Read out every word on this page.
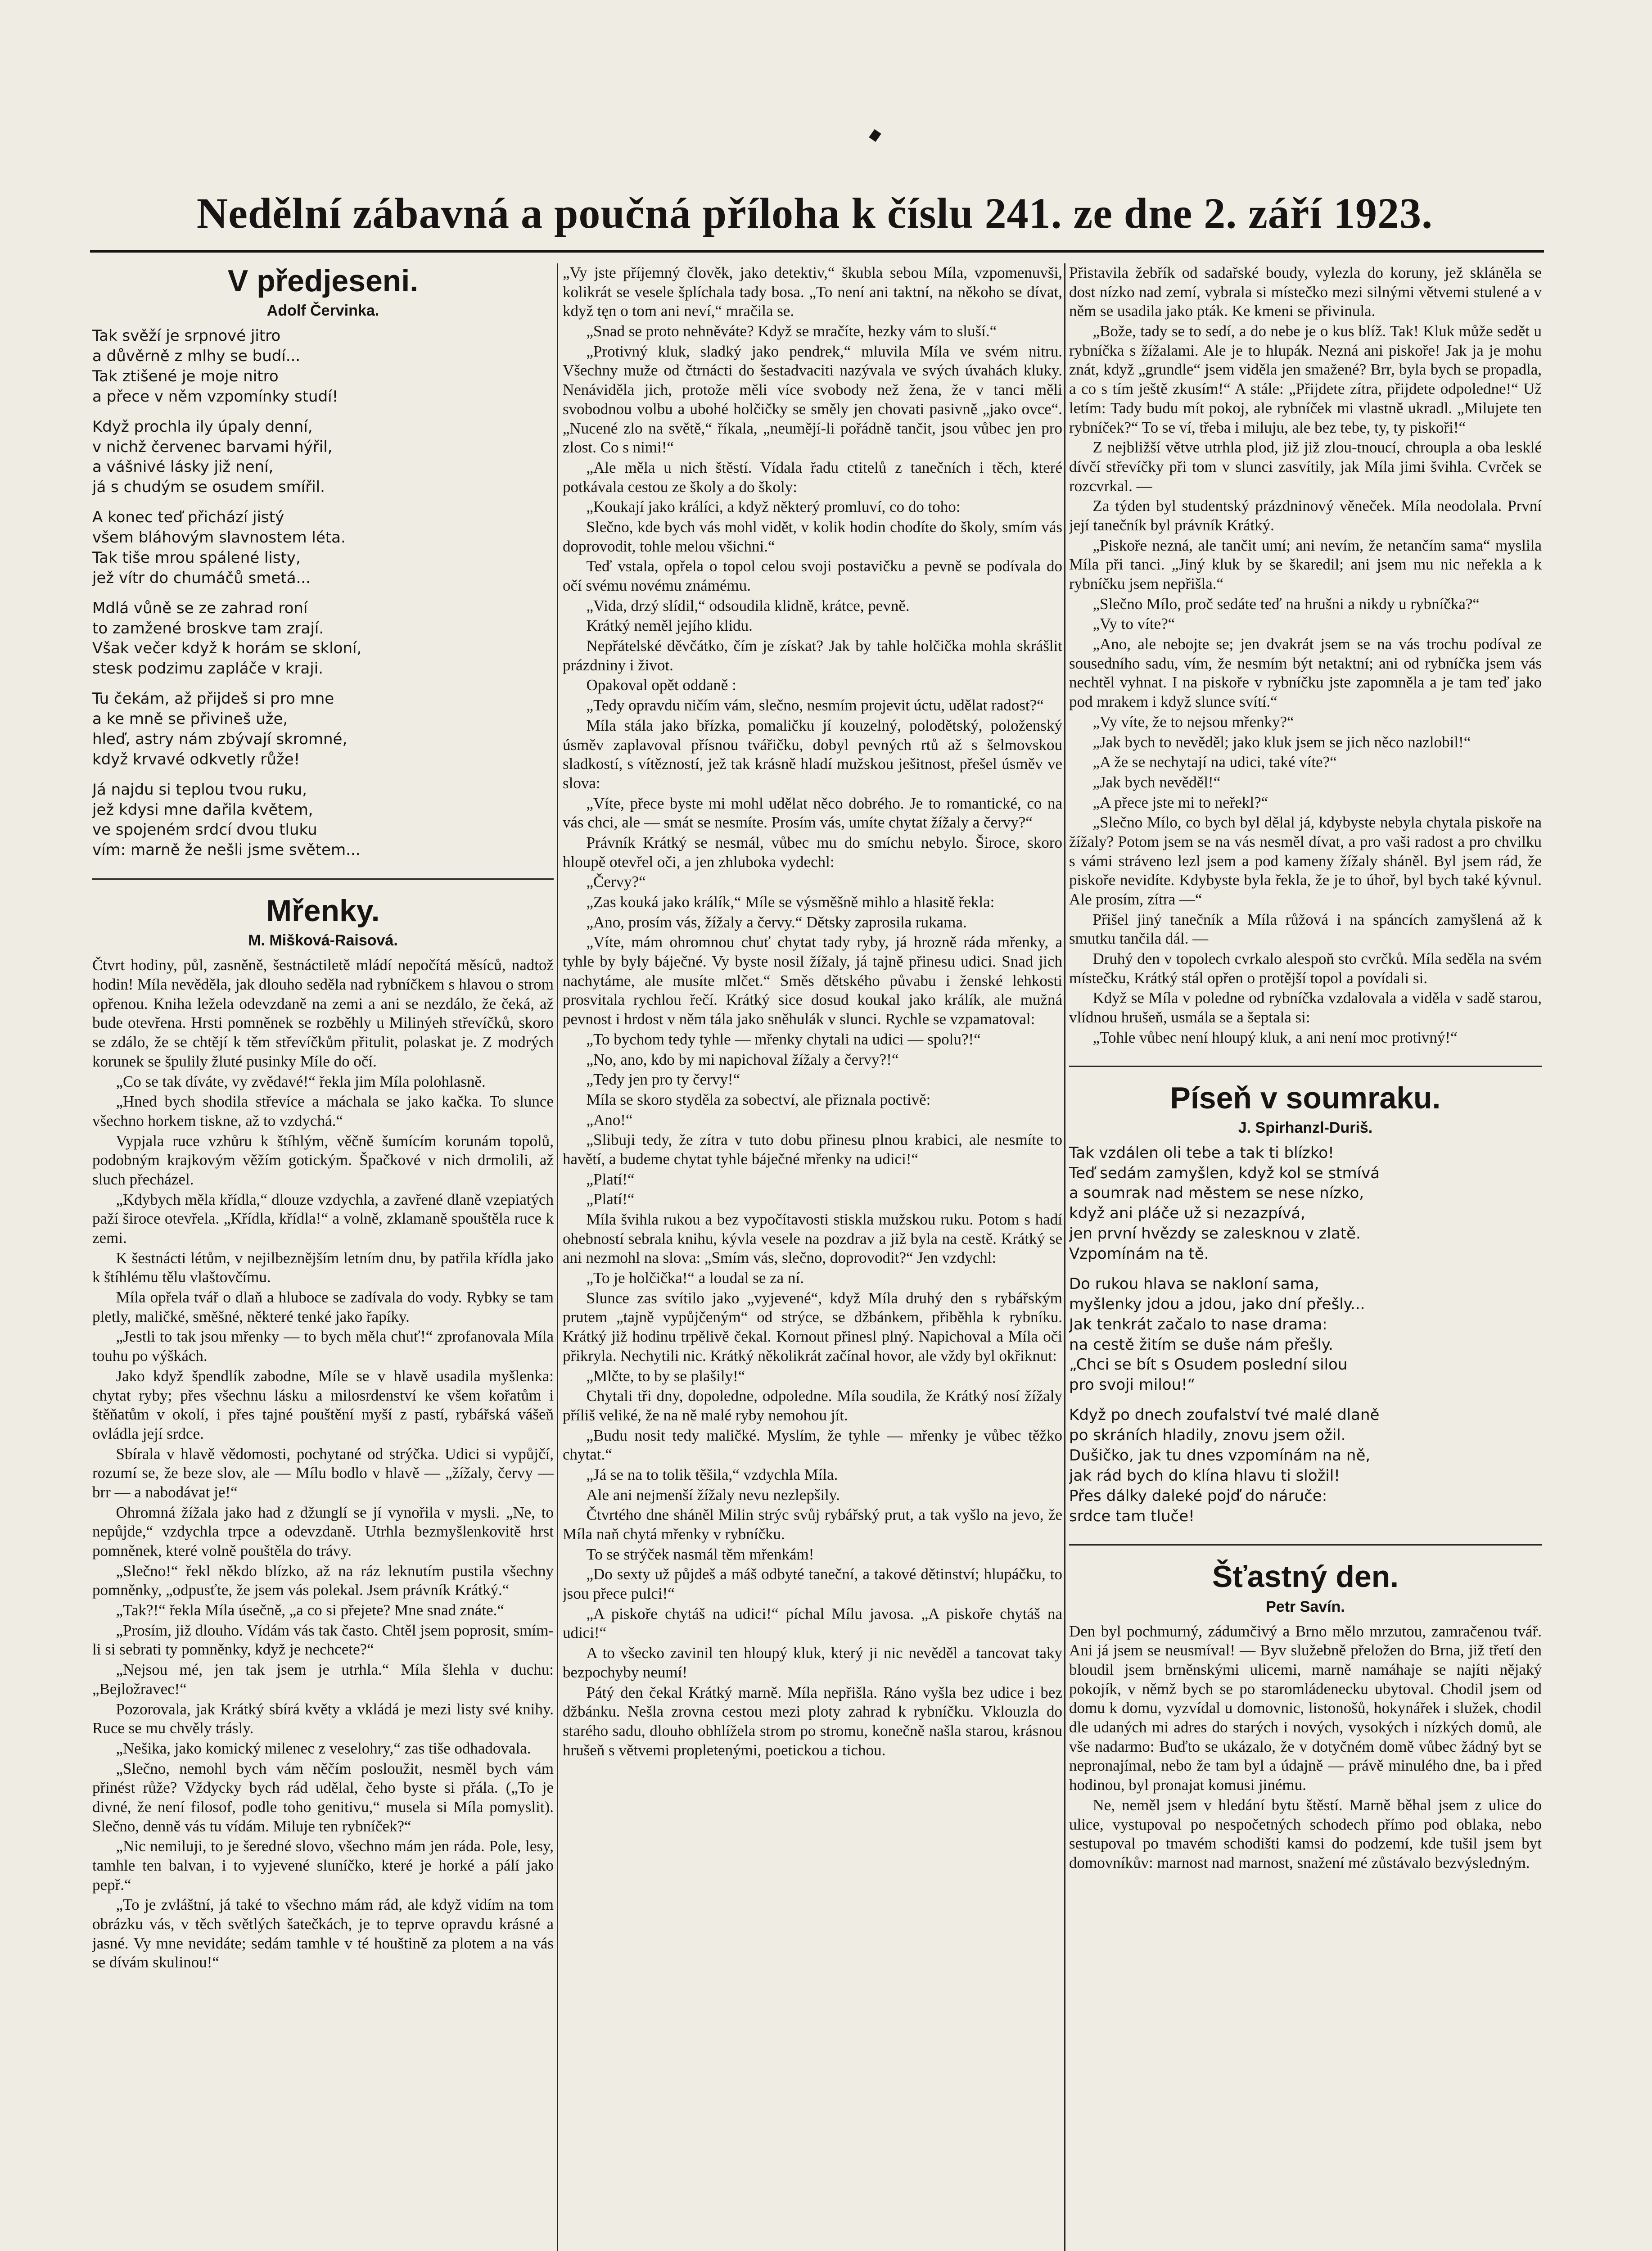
Nedělní zábavná a poučná příloha k číslu 241. ze dne 2. září 1923.
V předjeseni.
Adolf Červinka.
Tak svěží je srpnové jitro
a důvěrně z mlhy se budí...
Tak ztišené je moje nitro
a přece v něm vzpomínky studí!
Když prochla ily úpaly denní,
v nichž červenec barvami hýřil,
a vášnivé lásky již není,
já s chudým se osudem smířil.
A konec teď přichází jistý
všem bláhovým slavnostem léta.
Tak tiše mrou spálené listy,
jež vítr do chumáčů smetá...
Mdlá vůně se ze zahrad roní
to zamžené broskve tam zrají.
Však večer když k horám se skloní,
stesk podzimu zapláče v kraji.
Tu čekám, až přijdeš si pro mne
a ke mně se přivineš uže,
hleď, astry nám zbývají skromné,
když krvavé odkvetly růže!
Já najdu si teplou tvou ruku,
jež kdysi mne dařila květem,
ve spojeném srdcí dvou tluku
vím: marně že nešli jsme světem...
Mřenky.
M. Mišková-Raisová.

Čtvrt hodiny, půl, zasněně, šestnáctiletě mládí nepočítá měsíců, nadtož hodin! Míla nevěděla, jak dlouho seděla nad rybníčkem s hlavou o strom opřenou. Kniha ležela odevzdaně na zemi a ani se nezdálo, že čeká, až bude otevřena. Hrsti pomněnek se rozběhly u Milinýeh střevíčků, skoro se zdálo, že se chtějí k těm střevíčkům přitulit, polaskat je. Z modrých korunek se špulily žluté pusinky Míle do očí.

„Co se tak díváte, vy zvědavé!“ řekla jim Míla polohlasně.

„Hned bych shodila střevíce a máchala se jako kačka. To slunce všechno horkem tiskne, až to vzdychá.“

Vypjala ruce vzhůru k štíhlým, věčně šumícím korunám topolů, podobným krajkovým věžím gotickým. Špačkové v nich drmolili, až sluch přecházel.

„Kdybych měla křídla,“ dlouze vzdychla, a zavřené dlaně vzepiatých paží široce otevřela. „Křídla, křídla!“ a volně, zklamaně spouštěla ruce k zemi.

K šestnácti létům, v nejilbeznějším letním dnu, by patřila křídla jako k štíhlému tělu vlaštovčímu.

Míla opřela tvář o dlaň a hluboce se zadívala do vody. Rybky se tam pletly, maličké, směšné, některé tenké jako řapíky.

„Jestli to tak jsou mřenky — to bych měla chuť!“ zprofanovala Míla touhu po výškách.

Jako když špendlík zabodne, Míle se v hlavě usadila myšlenka: chytat ryby; přes všechnu lásku a milosrdenství ke všem kořatům i štěňatům v okolí, i přes tajné pouštění myší z pastí, rybářská vášeň ovládla její srdce.

Sbírala v hlavě vědomosti, pochytané od strýčka. Udici si vypůjčí, rozumí se, že beze slov, ale — Mílu bodlo v hlavě — „žížaly, červy — brr — a nabodávat je!“

Ohromná žížala jako had z džunglí se jí vynořila v mysli. „Ne, to nepůjde,“ vzdychla trpce a odevzdaně. Utrhla bezmyšlenkovitě hrst pomněnek, které volně pouštěla do trávy.

„Slečno!“ řekl někdo blízko, až na ráz leknutím pustila všechny pomněnky, „odpusťte, že jsem vás polekal. Jsem právník Krátký.“

„Tak?!“ řekla Míla úsečně, „a co si přejete? Mne snad znáte.“

„Prosím, již dlouho. Vídám vás tak často. Chtěl jsem poprosit, smím-li si sebrati ty pomněnky, když je nechcete?“

„Nejsou mé, jen tak jsem je utrhla.“ Míla šlehla v duchu: „Bejložravec!“

Pozorovala, jak Krátký sbírá květy a vkládá je mezi listy své knihy. Ruce se mu chvěly trásly.

„Nešika, jako komický milenec z veselohry,“ zas tiše odhadovala.

„Slečno, nemohl bych vám něčím posloužit, nesměl bych vám přinést růže? Vždycky bych rád udělal, čeho byste si přála. („To je divné, že není filosof, podle toho genitivu,“ musela si Míla pomyslit). Slečno, denně vás tu vídám. Miluje ten rybníček?“

„Nic nemiluji, to je šeredné slovo, všechno mám jen ráda. Pole, lesy, tamhle ten balvan, i to vyjevené sluníčko, které je horké a pálí jako pepř.“

„To je zvláštní, já také to všechno mám rád, ale když vidím na tom obrázku vás, v těch světlých šatečkách, je to teprve opravdu krásné a jasné. Vy mne nevidáte; sedám tamhle v té houštině za plotem a na vás se dívám skulinou!“

„Vy jste příjemný člověk, jako detektiv,“ škubla sebou Míla, vzpomenuvši, kolikrát se vesele šplíchala tady bosa. „To není ani taktní, na někoho se dívat, když tęn o tom ani neví,“ mračila se.

„Snad se proto nehněváte? Když se mračíte, hezky vám to sluší.“

„Protivný kluk, sladký jako pendrek,“ mluvila Míla ve svém nitru. Všechny muže od čtrnácti do šestadvaciti nazývala ve svých úvahách kluky. Nenáviděla jich, protože měli více svobody než žena, že v tanci měli svobodnou volbu a ubohé holčičky se směly jen chovati pasivně „jako ovce“. „Nucené zlo na světě,“ říkala, „neumějí-li pořádně tančit, jsou vůbec jen pro zlost. Co s nimi!“

„Ale měla u nich štěstí. Vídala řadu ctitelů z tanečních i těch, které potkávala cestou ze školy a do školy:

„Koukají jako králíci, a když některý promluví, co do toho:

Slečno, kde bych vás mohl vidět, v kolik hodin chodíte do školy, smím vás doprovodit, tohle melou všichni.“

Teď vstala, opřela o topol celou svoji postavičku a pevně se podívala do očí svému novému známému.

„Vida, drzý slídil,“ odsoudila klidně, krátce, pevně.

Krátký neměl jejího klidu.

Nepřátelské děvčátko, čím je získat? Jak by tahle holčička mohla skrášlit prázdniny i život.

Opakoval opět oddaně :

„Tedy opravdu ničím vám, slečno, nesmím projevit úctu, udělat radost?“

Míla stála jako břízka, pomaličku jí kouzelný, polodětský, položenský úsměv zaplavoval přísnou tvářičku, dobyl pevných rtů až s šelmovskou sladkostí, s vítězností, jež tak krásně hladí mužskou ješitnost, přešel úsměv ve slova:

„Víte, přece byste mi mohl udělat něco dobrého. Je to romantické, co na vás chci, ale — smát se nesmíte. Prosím vás, umíte chytat žížaly a červy?“

Právník Krátký se nesmál, vůbec mu do smíchu nebylo. Široce, skoro hloupě otevřel oči, a jen zhluboka vydechl:

„Červy?“

„Zas kouká jako králík,“ Míle se výsměšně mihlo a hlasitě řekla:

„Ano, prosím vás, žížaly a červy.“ Dětsky zaprosila rukama.

„Víte, mám ohromnou chuť chytat tady ryby, já hrozně ráda mřenky, a tyhle by byly báječné. Vy byste nosil žížaly, já tajně přinesu udici. Snad jich nachytáme, ale musíte mlčet.“ Směs dětského půvabu i ženské lehkosti prosvitala rychlou řečí. Krátký sice dosud koukal jako králík, ale mužná pevnost i hrdost v něm tála jako sněhulák v slunci. Rychle se vzpamatoval:

„To bychom tedy tyhle — mřenky chytali na udici — spolu?!“

„No, ano, kdo by mi napichoval žížaly a červy?!“

„Tedy jen pro ty červy!“

Míla se skoro styděla za sobectví, ale přiznala poctivě:

„Ano!“

„Slibuji tedy, že zítra v tuto dobu přinesu plnou krabici, ale nesmíte to havětí, a budeme chytat tyhle báječné mřenky na udici!“

„Platí!“

„Platí!“

Míla švihla rukou a bez vypočítavosti stiskla mužskou ruku. Potom s hadí ohebností sebrala knihu, kývla vesele na pozdrav a již byla na cestě. Krátký se ani nezmohl na slova: „Smím vás, slečno, doprovodit?“ Jen vzdychl:

„To je holčička!“ a loudal se za ní.

Slunce zas svítilo jako „vyjevené“, když Míla druhý den s rybářským prutem „tajně vypůjčeným“ od strýce, se džbánkem, přiběhla k rybníku. Krátký již hodinu trpělivě čekal. Kornout přinesl plný. Napichoval a Míla oči přikryla. Nechytili nic. Krátký několikrát začínal hovor, ale vždy byl okřiknut:

„Mlčte, to by se plašily!“

Chytali tři dny, dopoledne, odpoledne. Míla soudila, že Krátký nosí žížaly příliš veliké, že na ně malé ryby nemohou jít.

„Budu nosit tedy maličké. Myslím, že tyhle — mřenky je vůbec těžko chytat.“

„Já se na to tolik těšila,“ vzdychla Míla.

Ale ani nejmenší žížaly nevu nezlepšily.

Čtvrtého dne sháněl Milin strýc svůj rybářský prut, a tak vyšlo na jevo, že Míla naň chytá mřenky v rybníčku.

To se strýček nasmál těm mřenkám!

„Do sexty už půjdeš a máš odbyté taneční, a takové dětinství; hlupáčku, to jsou přece pulci!“

„A piskoře chytáš na udici!“ píchal Mílu javosa. „A piskoře chytáš na udici!“

A to všecko zavinil ten hloupý kluk, který ji nic nevěděl a tancovat taky bezpochyby neumí!

Pátý den čekal Krátký marně. Míla nepřišla. Ráno vyšla bez udice i bez džbánku. Nešla zrovna cestou mezi ploty zahrad k rybníčku. Vklouzla do starého sadu, dlouho obhlížela strom po stromu, konečně našla starou, krásnou hrušeň s větvemi propletenými, poetickou a tichou.

Přistavila žebřík od sadařské boudy, vylezla do koruny, jež skláněla se dost nízko nad zemí, vybrala si místečko mezi silnými větvemi stulené a v něm se usadila jako pták. Ke kmeni se přivinula.

„Bože, tady se to sedí, a do nebe je o kus blíž. Tak! Kluk může sedět u rybníčka s žížalami. Ale je to hlupák. Nezná ani piskoře! Jak ja je mohu znát, když „grundle“ jsem viděla jen smažené? Brr, byla bych se propadla, a co s tím ještě zkusím!“ A stále: „Přijdete zítra, přijdete odpoledne!“ Už letím: Tady budu mít pokoj, ale rybníček mi vlastně ukradl. „Milujete ten rybníček?“ To se ví, třeba i miluju, ale bez tebe, ty, ty piskoři!“

Z nejbližší větve utrhla plod, již již zlou‑tnoucí, chroupla a oba lesklé dívčí střevíčky při tom v slunci zasvítily, jak Míla jimi švihla. Cvrček se rozcvrkal. —

Za týden byl studentský prázdninový věneček. Míla neodolala. První její tanečník byl právník Krátký.

„Piskoře nezná, ale tančit umí; ani nevím, že netančím sama“ myslila Míla při tanci. „Jiný kluk by se škaredil; ani jsem mu nic neřekla a k rybníčku jsem nepřišla.“

„Slečno Mílo, proč sedáte teď na hrušni a nikdy u rybníčka?“

„Vy to víte?“

„Ano, ale nebojte se; jen dvakrát jsem se na vás trochu podíval ze sousedního sadu, vím, že nesmím být netaktní; ani od rybníčka jsem vás nechtěl vyhnat. I na piskoře v rybníčku jste zapomněla a je tam teď jako pod mrakem i když slunce svítí.“

„Vy víte, že to nejsou mřenky?“

„Jak bych to nevěděl; jako kluk jsem se jich něco nazlobil!“

„A že se nechytají na udici, také víte?“

„Jak bych nevěděl!“

„A přece jste mi to neřekl?“

„Slečno Mílo, co bych byl dělal já, kdybyste nebyla chytala piskoře na žížaly? Potom jsem se na vás nesměl dívat, a pro vaši radost a pro chvilku s vámi stráveno lezl jsem a pod kameny žížaly sháněl. Byl jsem rád, že piskoře nevidíte. Kdybyste byla řekla, že je to úhoř, byl bych také kývnul. Ale prosím, zítra —“

Přišel jiný tanečník a Míla růžová i na spáncích zamyšlená až k smutku tančila dál. —

Druhý den v topolech cvrkalo alespoň sto cvrčků. Míla seděla na svém místečku, Krátký stál opřen o protější topol a povídali si.

Když se Míla v poledne od rybníčka vzdalovala a viděla v sadě starou, vlídnou hrušeň, usmála se a šeptala si:

„Tohle vůbec není hloupý kluk, a ani není moc protivný!“

Píseň v soumraku.
J. Spirhanzl-Duriš.
Tak vzdálen oli tebe a tak ti blízko!
Teď sedám zamyšlen, když kol se stmívá
a soumrak nad městem se nese nízko,
když ani pláče už si nezazpívá,
jen první hvězdy se zalesknou v zlatě.
Vzpomínám na tě.
Do rukou hlava se nakloní sama,
myšlenky jdou a jdou, jako dní přešly...
Jak tenkrát začalo to nase drama:
na cestě žitím se duše nám přešly.
„Chci se bít s Osudem poslední silou
pro svoji milou!“
Když po dnech zoufalství tvé malé dlaně
po skráních hladily, znovu jsem ožil.
Dušičko, jak tu dnes vzpomínám na ně,
jak rád bych do klína hlavu ti složil!
Přes dálky daleké pojď do náruče:
srdce tam tluče!
Šťastný den.
Petr Savín.

Den byl pochmurný, zádumčivý a Brno mělo mrzutou, zamračenou tvář. Ani já jsem se neusmíval! — Byv služebně přeložen do Brna, již třetí den bloudil jsem brněnskými ulicemi, marně namáhaje se najíti nějaký pokojík, v němž bych se po staromládenecku ubytoval. Chodil jsem od domu k domu, vyzvídal u domovnic, listonošů, hokynářek i služek, chodil dle udaných mi adres do starých i nových, vysokých i nízkých domů, ale vše nadarmo: Buďto se ukázalo, že v dotyčném domě vůbec žádný byt se nepronajímal, nebo že tam byl a údajně — právě minulého dne, ba i před hodinou, byl pronajat komusi jinému.

Ne, neměl jsem v hledání bytu štěstí. Marně běhal jsem z ulice do ulice, vystupoval po nespočetných schodech přímo pod oblaka, nebo sestupoval po tmavém schodišti kamsi do podzemí, kde tušil jsem byt domovníkův: marnost nad marnost, snažení mé zůstávalo bezvýsledným.
